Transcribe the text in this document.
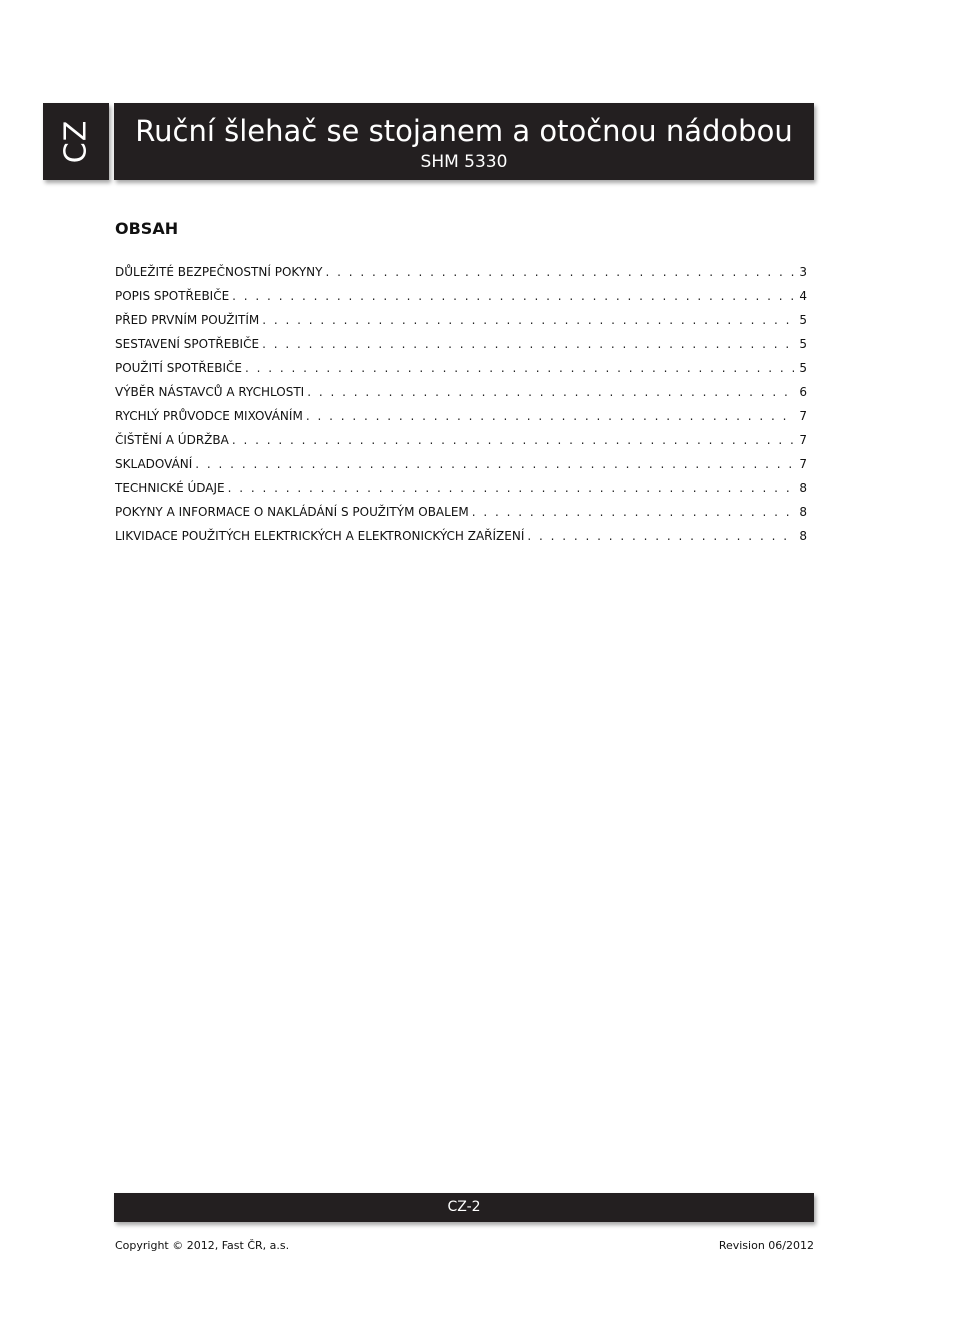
CZ	Ruční šlehač se stojanem a otočnou nádobou
SHM 5330
OBSAH
DŮLEŽITÉ BEZPEČNOSTNÍ POKYNY . . .	3
POPIS SPOTŘEBIČE . . .	4
PŘED PRVNÍM POUŽITÍM . . .	5
SESTAVENÍ SPOTŘEBIČE . . .	5
POUŽITÍ SPOTŘEBIČE . . .	5
VÝBĚR NÁSTAVCŮ A RYCHLOSTI . . .	6
RYCHLÝ PRŮVODCE MIXOVÁNÍM . . .	7
ČIŠTĚNÍ A ÚDRŽBA . . .	7
SKLADOVÁNÍ . . .	7
TECHNICKÉ ÚDAJE . . .	8
POKYNY A INFORMACE O NAKLÁDÁNÍ S POUŽITÝM OBALEM . . .	8
LIKVIDACE POUŽITÝCH ELEKTRICKÝCH A ELEKTRONICKÝCH ZAŘÍZENÍ . . .	8
CZ-2
Copyright © 2012, Fast ČR, a.s.	Revision 06/2012
